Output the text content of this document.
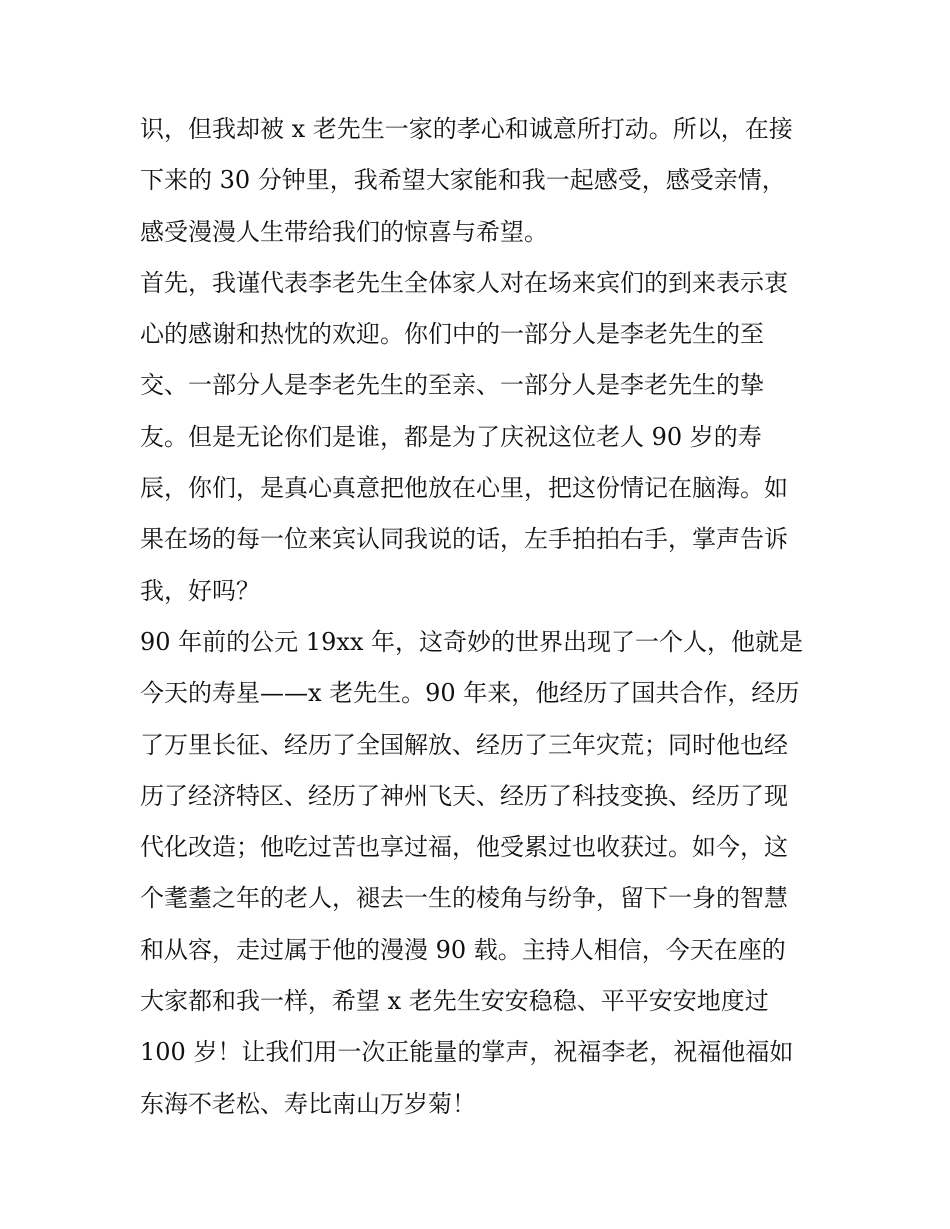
识，但我却被 x 老先生一家的孝心和诚意所打动。所以，在接
下来的 30 分钟里，我希望大家能和我一起感受，感受亲情，
感受漫漫人生带给我们的惊喜与希望。
首先，我谨代表李老先生全体家人对在场来宾们的到来表示衷
心的感谢和热忱的欢迎。你们中的一部分人是李老先生的至
交、一部分人是李老先生的至亲、一部分人是李老先生的挚
友。但是无论你们是谁，都是为了庆祝这位老人 90 岁的寿
辰，你们，是真心真意把他放在心里，把这份情记在脑海。如
果在场的每一位来宾认同我说的话，左手拍拍右手，掌声告诉
我，好吗？
90 年前的公元 19xx 年，这奇妙的世界出现了一个人，他就是
今天的寿星——x 老先生。90 年来，他经历了国共合作，经历
了万里长征、经历了全国解放、经历了三年灾荒；同时他也经
历了经济特区、经历了神州飞天、经历了科技变换、经历了现
代化改造；他吃过苦也享过福，他受累过也收获过。如今，这
个耄耋之年的老人，褪去一生的棱角与纷争，留下一身的智慧
和从容，走过属于他的漫漫 90 载。主持人相信，今天在座的
大家都和我一样，希望 x 老先生安安稳稳、平平安安地度过
100 岁！让我们用一次正能量的掌声，祝福李老，祝福他福如
东海不老松、寿比南山万岁菊！
